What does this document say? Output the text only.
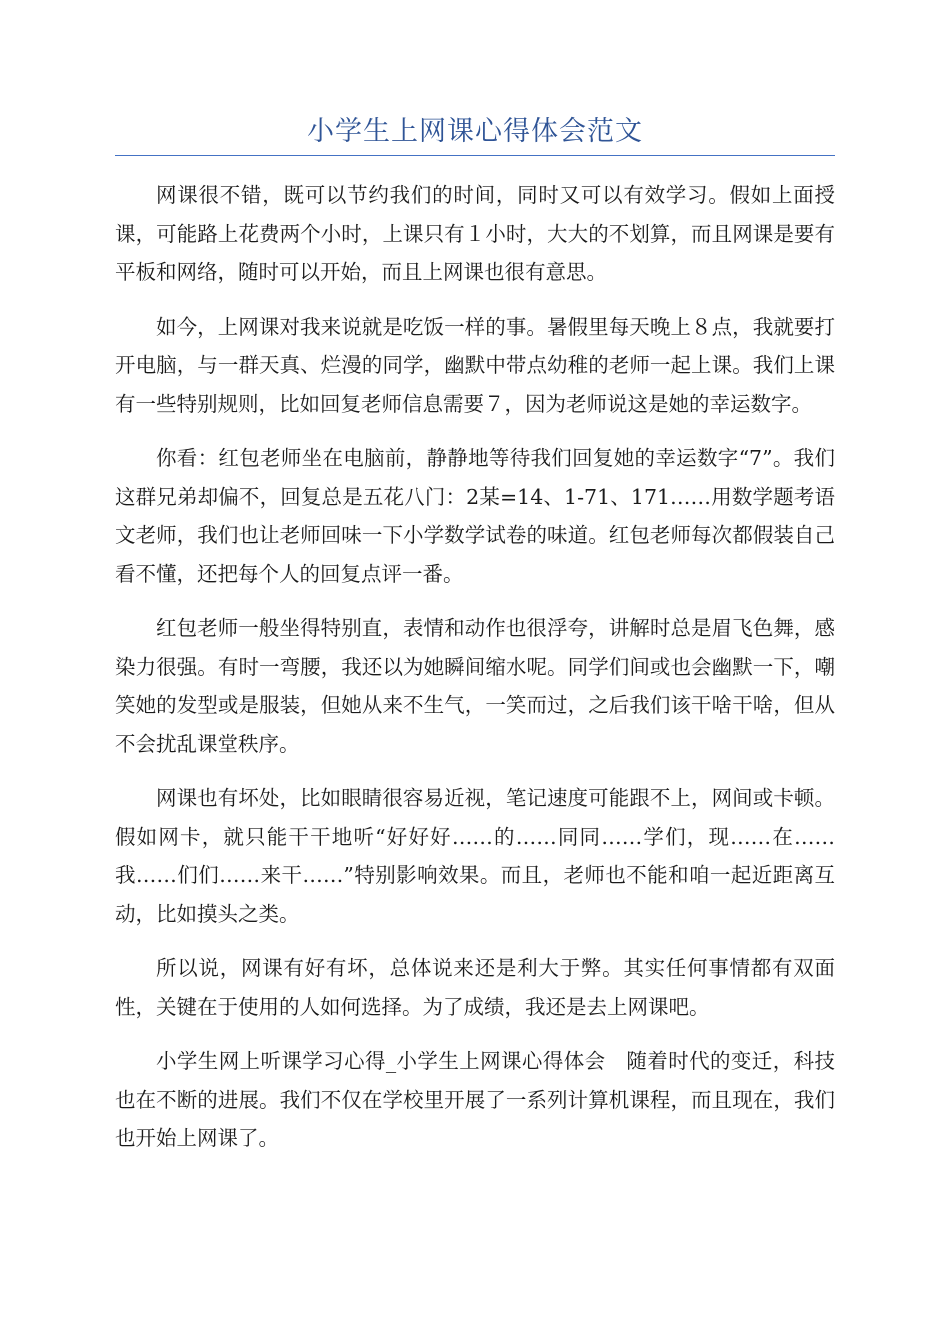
小学生上网课心得体会范文

网课很不错，既可以节约我们的时间，同时又可以有效学习。假如上面授课，可能路上花费两个小时，上课只有１小时，大大的不划算，而且网课是要有平板和网络，随时可以开始，而且上网课也很有意思。

如今，上网课对我来说就是吃饭一样的事。暑假里每天晚上８点，我就要打开电脑，与一群天真、烂漫的同学，幽默中带点幼稚的老师一起上课。我们上课有一些特别规则，比如回复老师信息需要７，因为老师说这是她的幸运数字。

你看：红包老师坐在电脑前，静静地等待我们回复她的幸运数字“7”。我们这群兄弟却偏不，回复总是五花八门：2某=14、1-71、171……用数学题考语文老师，我们也让老师回味一下小学数学试卷的味道。红包老师每次都假装自己看不懂，还把每个人的回复点评一番。

红包老师一般坐得特别直，表情和动作也很浮夸，讲解时总是眉飞色舞，感染力很强。有时一弯腰，我还以为她瞬间缩水呢。同学们间或也会幽默一下，嘲笑她的发型或是服装，但她从来不生气，一笑而过，之后我们该干啥干啥，但从不会扰乱课堂秩序。

网课也有坏处，比如眼睛很容易近视，笔记速度可能跟不上，网间或卡顿。假如网卡，就只能干干地听“好好好……的……同同……学们，现……在……我……们们……来干……”特别影响效果。而且，老师也不能和咱一起近距离互动，比如摸头之类。

所以说，网课有好有坏，总体说来还是利大于弊。其实任何事情都有双面性，关键在于使用的人如何选择。为了成绩，我还是去上网课吧。

小学生网上听课学习心得_小学生上网课心得体会　随着时代的变迁，科技也在不断的进展。我们不仅在学校里开展了一系列计算机课程，而且现在，我们也开始上网课了。
